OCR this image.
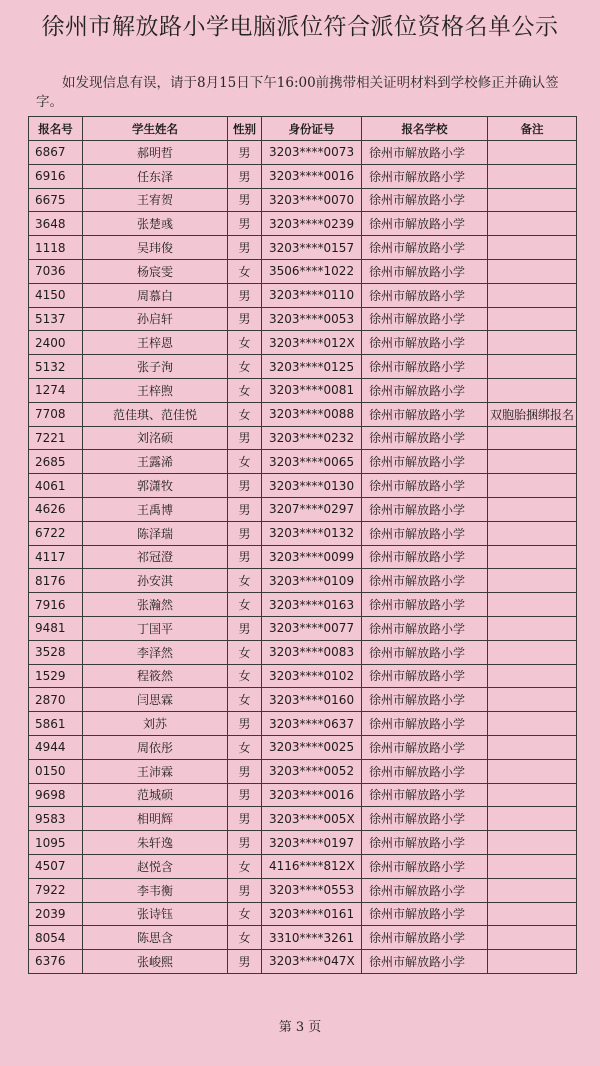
徐州市解放路小学电脑派位符合派位资格名单公示
如发现信息有误，请于8月15日下午16:00前携带相关证明材料到学校修正并确认签字。
报名号	学生姓名	性别	身份证号	报名学校	备注
6867	郝明哲	男	3203****0073	徐州市解放路小学	
6916	任东泽	男	3203****0016	徐州市解放路小学	
6675	王宥贺	男	3203****0070	徐州市解放路小学	
3648	张楚彧	男	3203****0239	徐州市解放路小学	
1118	吴玮俊	男	3203****0157	徐州市解放路小学	
7036	杨宸雯	女	3506****1022	徐州市解放路小学	
4150	周慕白	男	3203****0110	徐州市解放路小学	
5137	孙启轩	男	3203****0053	徐州市解放路小学	
2400	王梓恩	女	3203****012X	徐州市解放路小学	
5132	张子洵	女	3203****0125	徐州市解放路小学	
1274	王梓煦	女	3203****0081	徐州市解放路小学	
7708	范佳琪、范佳悦	女	3203****0088	徐州市解放路小学	双胞胎捆绑报名
7221	刘洺硕	男	3203****0232	徐州市解放路小学	
2685	王露浠	女	3203****0065	徐州市解放路小学	
4061	郭潇牧	男	3203****0130	徐州市解放路小学	
4626	王禹博	男	3207****0297	徐州市解放路小学	
6722	陈泽瑞	男	3203****0132	徐州市解放路小学	
4117	祁冠澄	男	3203****0099	徐州市解放路小学	
8176	孙安淇	女	3203****0109	徐州市解放路小学	
7916	张瀚然	女	3203****0163	徐州市解放路小学	
9481	丁国平	男	3203****0077	徐州市解放路小学	
3528	李泽然	女	3203****0083	徐州市解放路小学	
1529	程筱然	女	3203****0102	徐州市解放路小学	
2870	闫思霖	女	3203****0160	徐州市解放路小学	
5861	刘苏	男	3203****0637	徐州市解放路小学	
4944	周依彤	女	3203****0025	徐州市解放路小学	
0150	王沛霖	男	3203****0052	徐州市解放路小学	
9698	范城硕	男	3203****0016	徐州市解放路小学	
9583	相明辉	男	3203****005X	徐州市解放路小学	
1095	朱轩逸	男	3203****0197	徐州市解放路小学	
4507	赵悦含	女	4116****812X	徐州市解放路小学	
7922	李韦衡	男	3203****0553	徐州市解放路小学	
2039	张诗钰	女	3203****0161	徐州市解放路小学	
8054	陈思含	女	3310****3261	徐州市解放路小学	
6376	张峻熙	男	3203****047X	徐州市解放路小学	
第 3 页
